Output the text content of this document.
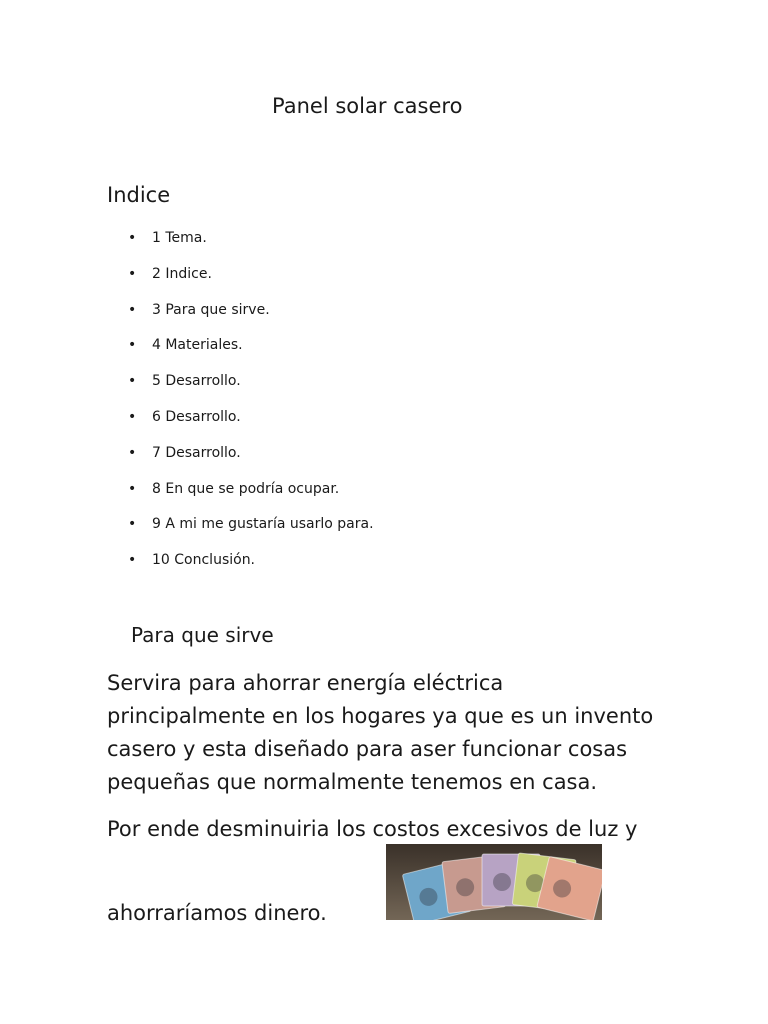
Panel solar casero
Indice
•	1 Tema.
•	2 Indice.
•	3 Para que sirve.
•	4 Materiales.
•	5 Desarrollo.
•	6 Desarrollo.
•	7 Desarrollo.
•	8 En que se podría ocupar.
•	9 A mi me gustaría usarlo para.
•	10 Conclusión.
Para que sirve

Servira para ahorrar energía eléctrica principalmente en los hogares ya que es un invento casero y esta diseñado para aser funcionar cosas pequeñas que normalmente tenemos en casa.

Por ende desminuiria los costos excesivos de luz y

ahorraríamos dinero.
